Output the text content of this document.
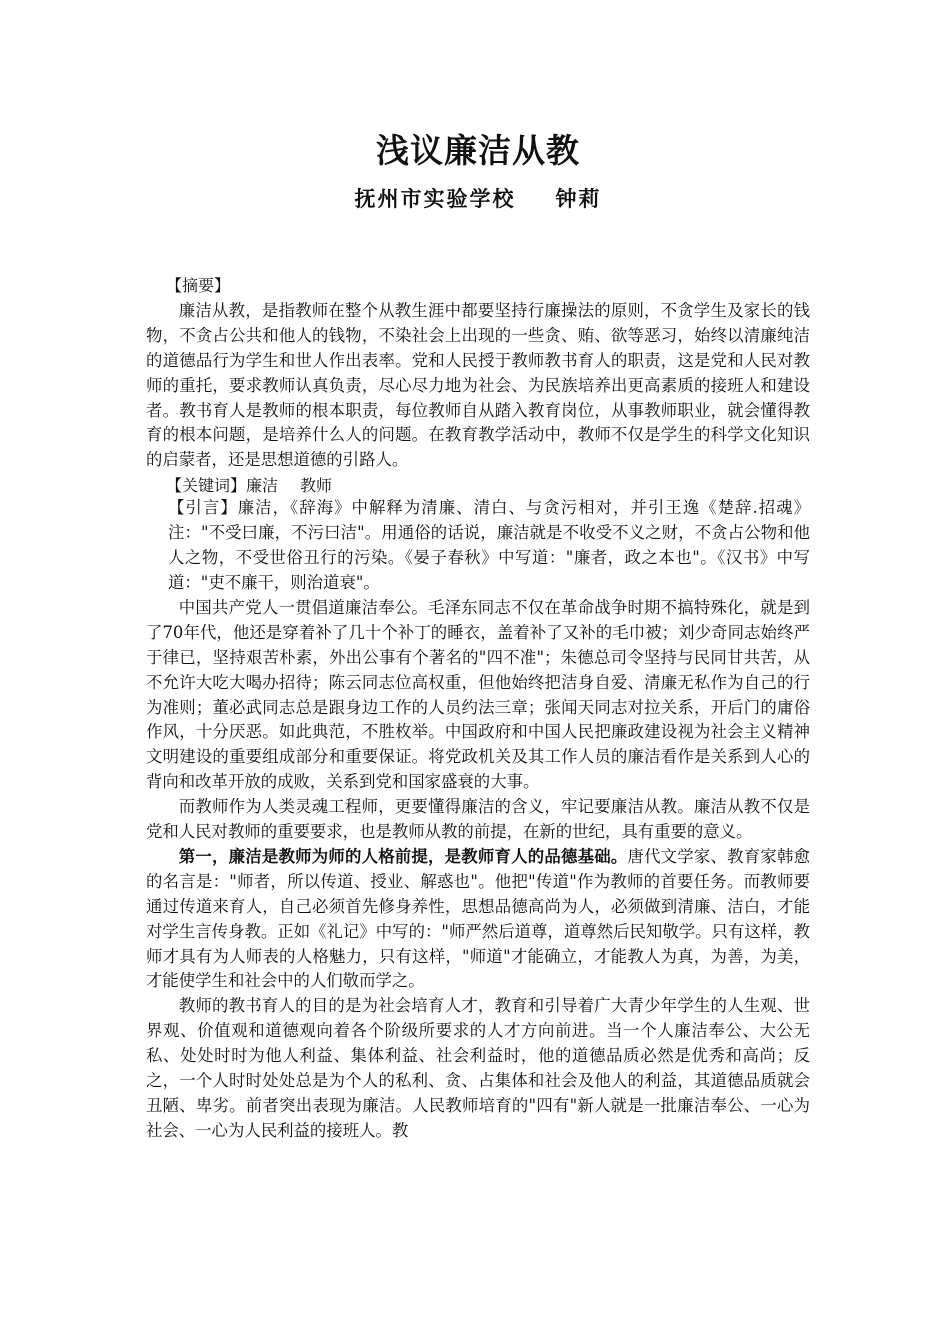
浅议廉洁从教
抚州市实验学校 钟莉
【摘要】

廉洁从教，是指教师在整个从教生涯中都要坚持行廉操法的原则，不贪学生及家长的钱物，不贪占公共和他人的钱物，不染社会上出现的一些贪、贿、欲等恶习，始终以清廉纯洁的道德品行为学生和世人作出表率。党和人民授于教师教书育人的职责，这是党和人民对教师的重托，要求教师认真负责，尽心尽力地为社会、为民族培养出更高素质的接班人和建设者。教书育人是教师的根本职责，每位教师自从踏入教育岗位，从事教师职业，就会懂得教育的根本问题，是培养什么人的问题。在教育教学活动中，教师不仅是学生的科学文化知识的启蒙者，还是思想道德的引路人。

【关键词】廉洁 教师

【引言】廉洁，《辞海》中解释为清廉、清白、与贪污相对，并引王逸《楚辞.招魂》注："不受曰廉，不污曰洁"。用通俗的话说，廉洁就是不收受不义之财，不贪占公物和他人之物，不受世俗丑行的污染。《晏子春秋》中写道："廉者，政之本也"。《汉书》中写道："吏不廉干，则治道衰"。

中国共产党人一贯倡道廉洁奉公。毛泽东同志不仅在革命战争时期不搞特殊化，就是到了70年代，他还是穿着补了几十个补丁的睡衣，盖着补了又补的毛巾被；刘少奇同志始终严于律已，坚持艰苦朴素，外出公事有个著名的"四不准"；朱德总司令坚持与民同甘共苦，从不允许大吃大喝办招待；陈云同志位高权重，但他始终把洁身自爱、清廉无私作为自己的行为准则；董必武同志总是跟身边工作的人员约法三章；张闻天同志对拉关系，开后门的庸俗作风，十分厌恶。如此典范，不胜枚举。中国政府和中国人民把廉政建设视为社会主义精神文明建设的重要组成部分和重要保证。将党政机关及其工作人员的廉洁看作是关系到人心的背向和改革开放的成败，关系到党和国家盛衰的大事。

而教师作为人类灵魂工程师，更要懂得廉洁的含义，牢记要廉洁从教。廉洁从教不仅是党和人民对教师的重要要求，也是教师从教的前提，在新的世纪，具有重要的意义。

第一，廉洁是教师为师的人格前提，是教师育人的品德基础。唐代文学家、教育家韩愈的名言是："师者，所以传道、授业、解惑也"。他把"传道"作为教师的首要任务。而教师要通过传道来育人，自己必须首先修身养性，思想品德高尚为人，必须做到清廉、洁白，才能对学生言传身教。正如《礼记》中写的："师严然后道尊，道尊然后民知敬学。只有这样，教师才具有为人师表的人格魅力，只有这样，"师道"才能确立，才能教人为真，为善，为美，才能使学生和社会中的人们敬而学之。

教师的教书育人的目的是为社会培育人才，教育和引导着广大青少年学生的人生观、世界观、价值观和道德观向着各个阶级所要求的人才方向前进。当一个人廉洁奉公、大公无私、处处时时为他人利益、集体利益、社会利益时，他的道德品质必然是优秀和高尚；反之，一个人时时处处总是为个人的私利、贪、占集体和社会及他人的利益，其道德品质就会丑陋、卑劣。前者突出表现为廉洁。人民教师培育的"四有"新人就是一批廉洁奉公、一心为社会、一心为人民利益的接班人。教
